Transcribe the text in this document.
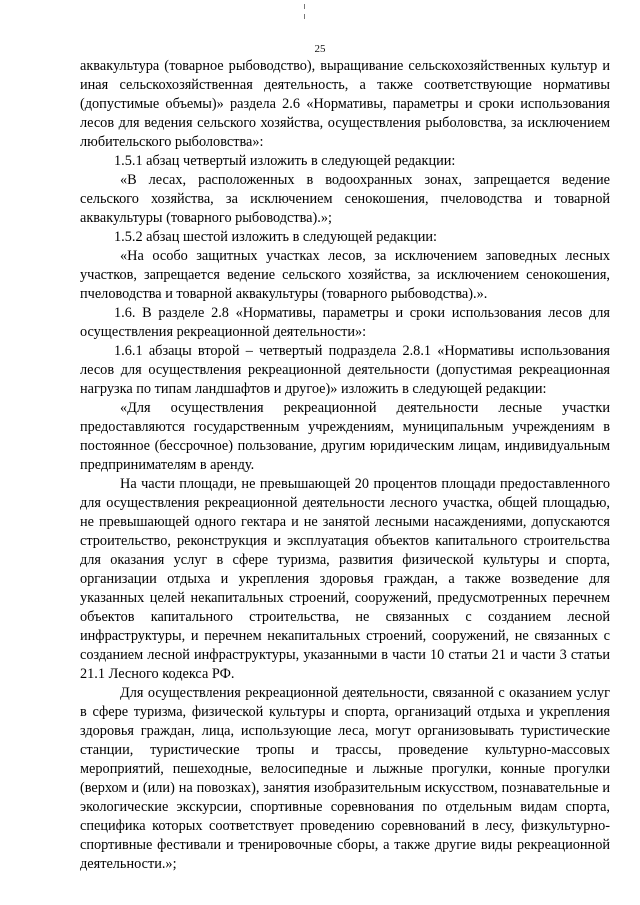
25

аквакультура (товарное рыбоводство), выращивание сельскохозяйственных культур и иная сельскохозяйственная деятельность, а также соответствующие нормативы (допустимые объемы)» раздела 2.6 «Нормативы, параметры и сроки использования лесов для ведения сельского хозяйства, осуществления рыболовства, за исключением любительского рыболовства»:

1.5.1 абзац четвертый изложить в следующей редакции:

«В лесах, расположенных в водоохранных зонах, запрещается ведение сельского хозяйства, за исключением сенокошения, пчеловодства и товарной аквакультуры (товарного рыбоводства).»;

1.5.2 абзац шестой изложить в следующей редакции:

«На особо защитных участках лесов, за исключением заповедных лесных участков, запрещается ведение сельского хозяйства, за исключением сенокошения, пчеловодства и товарной аквакультуры (товарного рыбоводства).».

1.6. В разделе 2.8 «Нормативы, параметры и сроки использования лесов для осуществления рекреационной деятельности»:

1.6.1 абзацы второй – четвертый подраздела 2.8.1 «Нормативы использования лесов для осуществления рекреационной деятельности (допустимая рекреационная нагрузка по типам ландшафтов и другое)» изложить в следующей редакции:

«Для осуществления рекреационной деятельности лесные участки предоставляются государственным учреждениям, муниципальным учреждениям в постоянное (бессрочное) пользование, другим юридическим лицам, индивидуальным предпринимателям в аренду.

На части площади, не превышающей 20 процентов площади предоставленного для осуществления рекреационной деятельности лесного участка, общей площадью, не превышающей одного гектара и не занятой лесными насаждениями, допускаются строительство, реконструкция и эксплуатация объектов капитального строительства для оказания услуг в сфере туризма, развития физической культуры и спорта, организации отдыха и укрепления здоровья граждан, а также возведение для указанных целей некапитальных строений, сооружений, предусмотренных перечнем объектов капитального строительства, не связанных с созданием лесной инфраструктуры, и перечнем некапитальных строений, сооружений, не связанных с созданием лесной инфраструктуры, указанными в части 10 статьи 21 и части 3 статьи 21.1 Лесного кодекса РФ.

Для осуществления рекреационной деятельности, связанной с оказанием услуг в сфере туризма, физической культуры и спорта, организаций отдыха и укрепления здоровья граждан, лица, использующие леса, могут организовывать туристические станции, туристические тропы и трассы, проведение культурно-массовых мероприятий, пешеходные, велосипедные и лыжные прогулки, конные прогулки (верхом и (или) на повозках), занятия изобразительным искусством, познавательные и экологические экскурсии, спортивные соревнования по отдельным видам спорта, специфика которых соответствует проведению соревнований в лесу, физкультурно-спортивные фестивали и тренировочные сборы, а также другие виды рекреационной деятельности.»;
